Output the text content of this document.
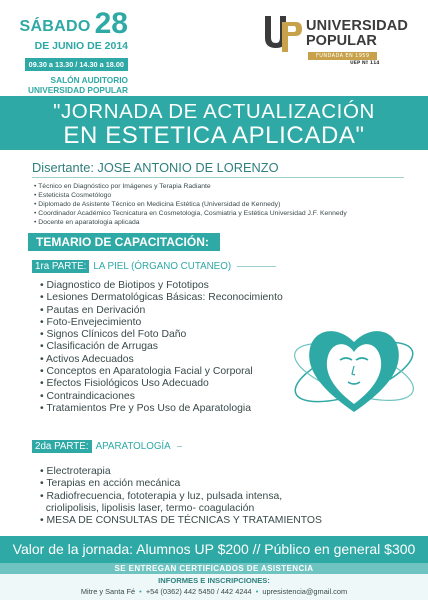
SÁBADO 28
DE JUNIO DE 2014
09.30 a 13.30 / 14.30 a 18.00
SALÓN AUDITORIO
UNIVERSIDAD POPULAR
UNIVERSIDAD
POPULAR
FUNDADA EN 1959
UEP Nº 114
"JORNADA DE ACTUALIZACIÓN
EN ESTETICA APLICADA"
Disertante: JOSE ANTONIO DE LORENZO
• Técnico en Diagnóstico por Imágenes y Terapia Radiante
• Esteticista Cosmetólogo
• Diplomado de Asistente Técnico en Medicina Estética (Universidad de Kennedy)
• Coordinador Académico Tecnicatura en Cosmetologia, Cosmiatria y Estética Universidad J.F. Kennedy
• Docente en aparatologia aplicada
TEMARIO DE CAPACITACIÓN:
1ra PARTE: LA PIEL (ÓRGANO CUTANEO)
• Diagnostico de Biotipos y Fototipos
• Lesiones Dermatológicas Básicas: Reconocimiento
• Pautas en Derivación
• Foto-Envejecimiento
• Signos Clínicos del Foto Daño
• Clasificación de Arrugas
• Activos Adecuados
• Conceptos en Aparatologia Facial y Corporal
• Efectos Fisiológicos Uso Adecuado
• Contraindicaciones
• Tratamientos Pre y Pos Uso de Aparatologia
2da PARTE: APARATOLOGÍA
• Electroterapia
• Terapias en acción mecánica
• Radiofrecuencia, fototerapia y luz, pulsada intensa,
criolipolisis, lipolisis laser, termo- coagulación
• MESA DE CONSULTAS DE TÉCNICAS Y TRATAMIENTOS
Valor de la jornada: Alumnos UP $200 // Público en general $300
SE ENTREGAN CERTIFICADOS DE ASISTENCIA
INFORMES E INSCRIPCIONES:
Mitre y Santa Fé • +54 (0362) 442 5450 / 442 4244 • upresistencia@gmail.com
